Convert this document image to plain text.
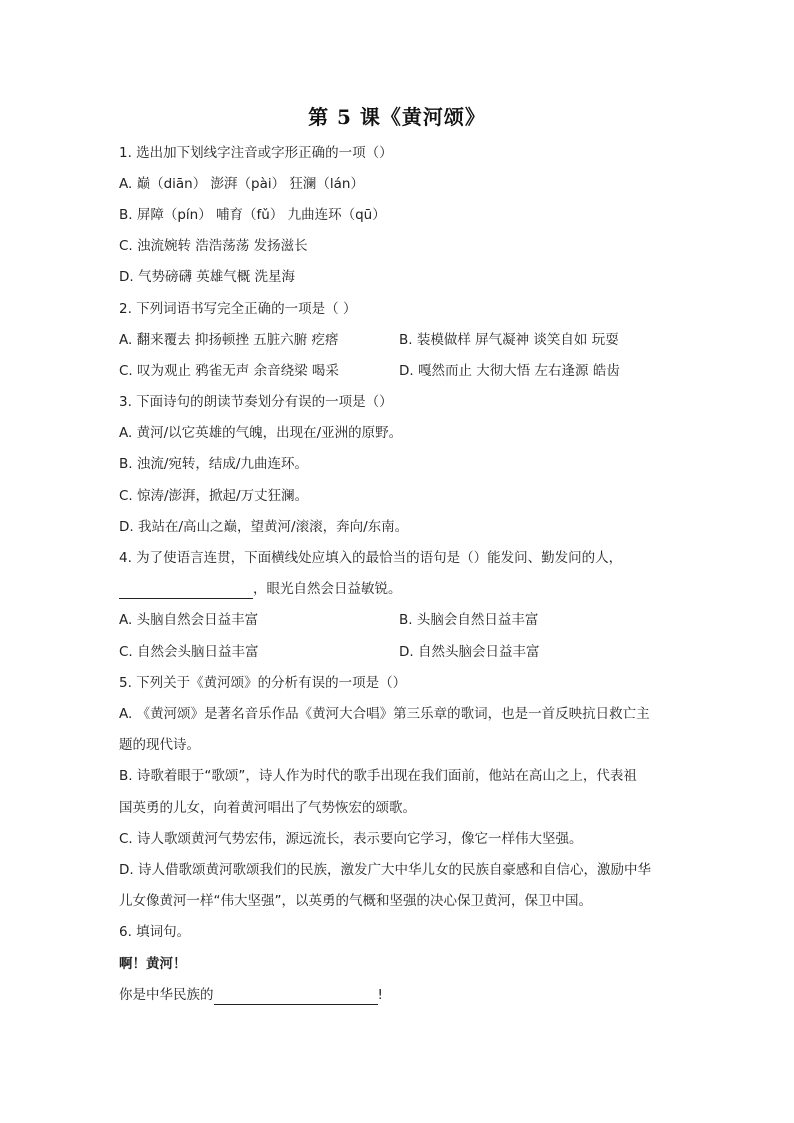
第 5 课《黄河颂》
1. 选出加下划线字注音或字形正确的一项（）
A. 巅（diān） 澎湃（pài） 狂澜（lán）
B. 屏障（pín） 哺育（fǔ） 九曲连环（qū）
C. 浊流婉转 浩浩荡荡 发扬滋长
D. 气势磅礴 英雄气概 洗星海
2. 下列词语书写完全正确的一项是（ ）
A. 翻来覆去 抑扬顿挫 五脏六腑 疙瘩	B. 装模做样 屏气凝神 谈笑自如 玩耍
C. 叹为观止 鸦雀无声 余音绕梁 喝采	D. 嘎然而止 大彻大悟 左右逢源 皓齿
3. 下面诗句的朗读节奏划分有误的一项是（）
A. 黄河/以它英雄的气魄，出现在/亚洲的原野。
B. 浊流/宛转，结成/九曲连环。
C. 惊涛/澎湃，掀起/万丈狂澜。
D. 我站在/高山之巅，望黄河/滚滚，奔向/东南。
4. 为了使语言连贯，下面横线处应填入的最恰当的语句是（）能发问、勤发问的人，
，眼光自然会日益敏锐。
A. 头脑自然会日益丰富	B. 头脑会自然日益丰富
C. 自然会头脑日益丰富	D. 自然头脑会日益丰富
5. 下列关于《黄河颂》的分析有误的一项是（）
A. 《黄河颂》是著名音乐作品《黄河大合唱》第三乐章的歌词，也是一首反映抗日救亡主
题的现代诗。
B. 诗歌着眼于“歌颂”，诗人作为时代的歌手出现在我们面前，他站在高山之上，代表祖
国英勇的儿女，向着黄河唱出了气势恢宏的颂歌。
C. 诗人歌颂黄河气势宏伟，源远流长，表示要向它学习，像它一样伟大坚强。
D. 诗人借歌颂黄河歌颂我们的民族，激发广大中华儿女的民族自豪感和自信心，激励中华
儿女像黄河一样“伟大坚强”，以英勇的气概和坚强的决心保卫黄河，保卫中国。
6. 填词句。
啊！黄河！
你是中华民族的	!
